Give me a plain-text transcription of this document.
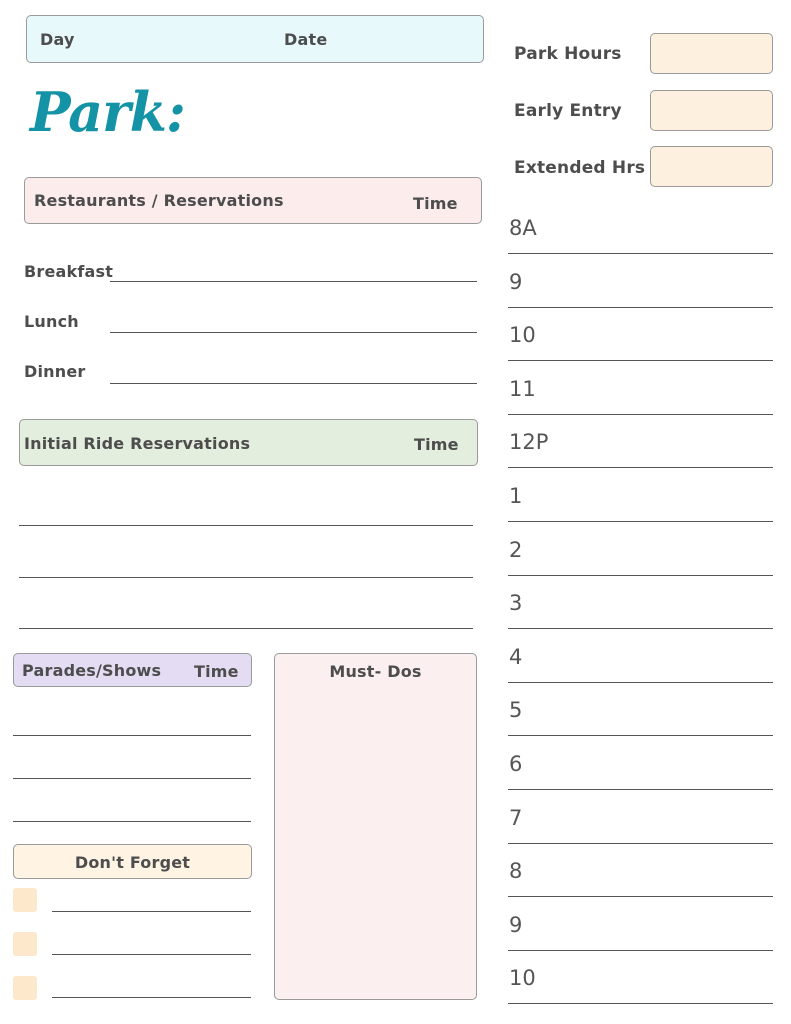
Day	Date
Park:
Park Hours
Early Entry
Extended Hrs
Restaurants / Reservations	Time
Breakfast
Lunch
Dinner
Initial Ride Reservations	Time
Parades/Shows Time	Must- Dos
Don't Forget
8A
9
10
11
12P
1
2
3
4
5
6
7
8
9
10
